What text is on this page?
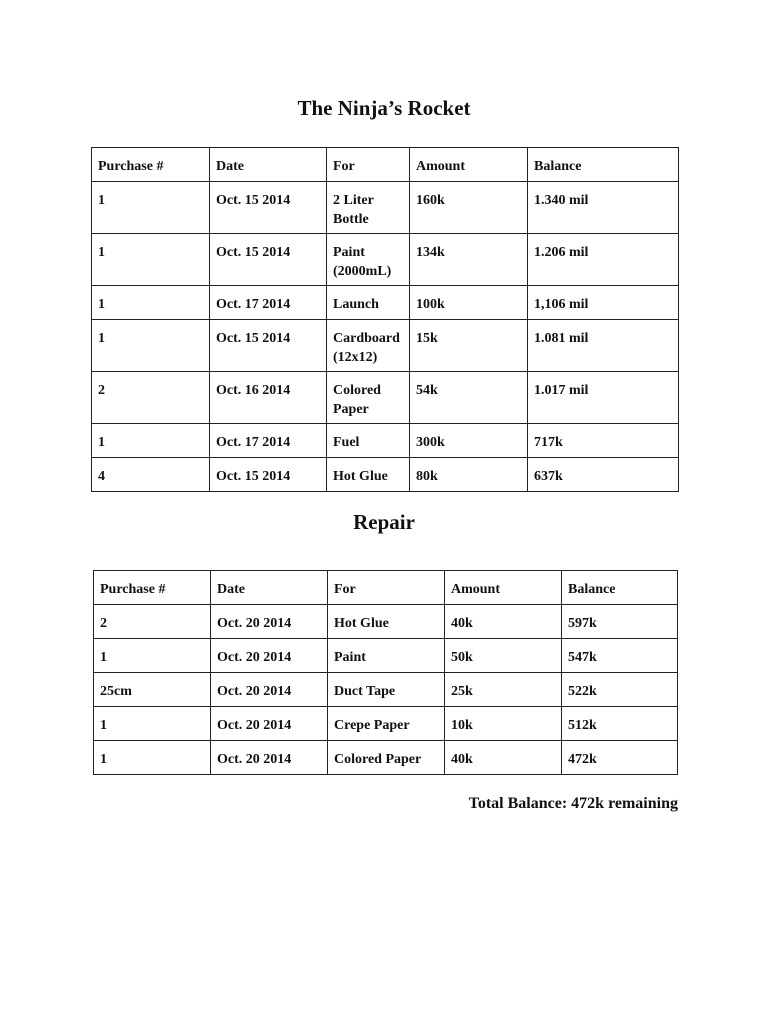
The Ninja’s Rocket
Purchase #	Date	For	Amount	Balance
1	Oct. 15 2014	2 Liter Bottle	160k	1.340 mil
1	Oct. 15 2014	Paint (2000mL)	134k	1.206 mil
1	Oct. 17 2014	Launch	100k	1,106 mil
1	Oct. 15 2014	Cardboard (12x12)	15k	1.081 mil
2	Oct. 16 2014	Colored Paper	54k	1.017 mil
1	Oct. 17 2014	Fuel	300k	717k
4	Oct. 15 2014	Hot Glue	80k	637k
Repair
Purchase #	Date	For	Amount	Balance
2	Oct. 20 2014	Hot Glue	40k	597k
1	Oct. 20 2014	Paint	50k	547k
25cm	Oct. 20 2014	Duct Tape	25k	522k
1	Oct. 20 2014	Crepe Paper	10k	512k
1	Oct. 20 2014	Colored Paper	40k	472k

Total Balance: 472k remaining
